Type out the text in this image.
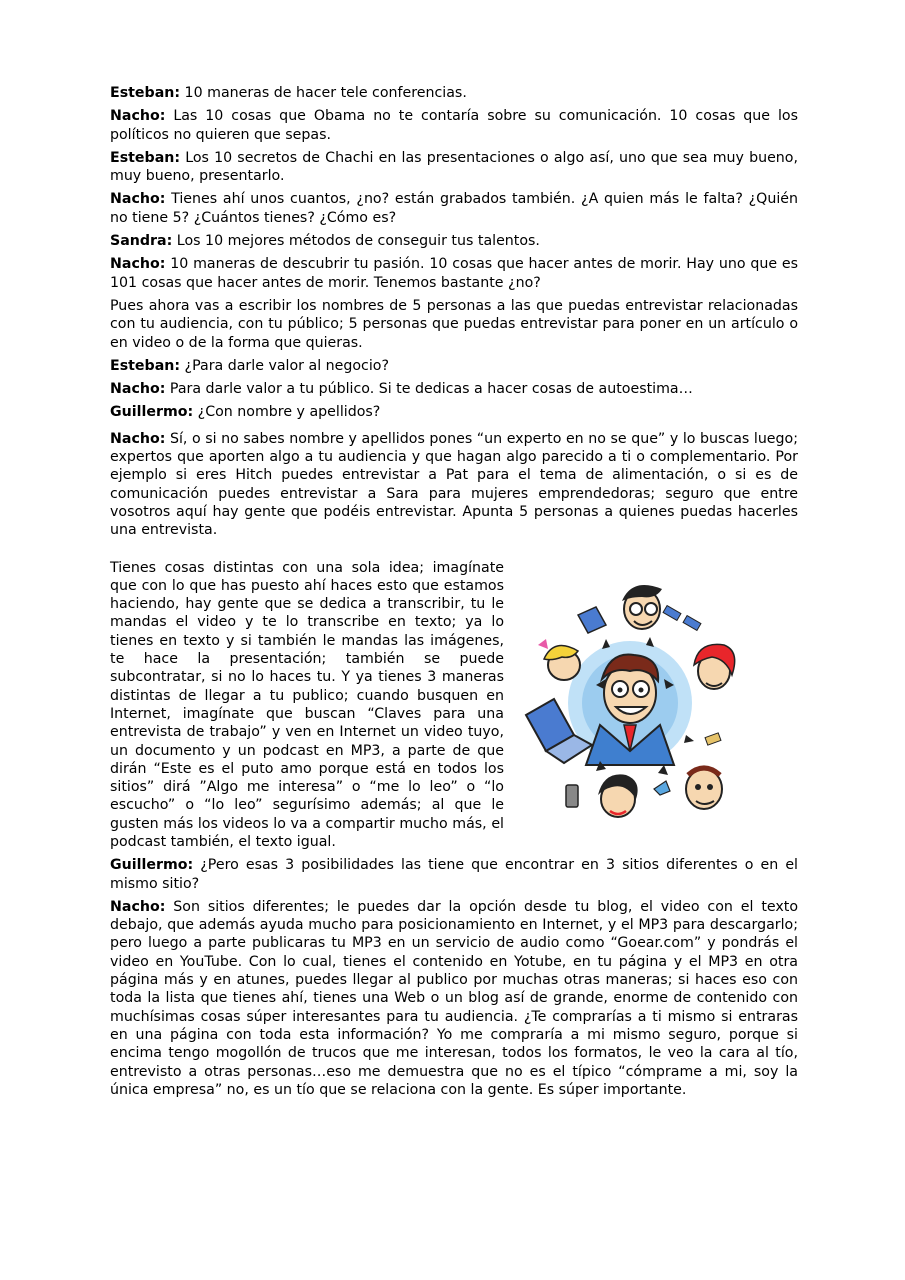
Esteban: 10 maneras de hacer tele conferencias.

Nacho: Las 10 cosas que Obama no te contaría sobre su comunicación. 10 cosas que los políticos no quieren que sepas.

Esteban: Los 10 secretos de Chachi en las presentaciones o algo así, uno que sea muy bueno, muy bueno, presentarlo.

Nacho: Tienes ahí unos cuantos, ¿no? están grabados también. ¿A quien más le falta? ¿Quién no tiene 5? ¿Cuántos tienes? ¿Cómo es?

Sandra: Los 10 mejores métodos de conseguir tus talentos.

Nacho: 10 maneras de descubrir tu pasión. 10 cosas que hacer antes de morir. Hay uno que es 101 cosas que hacer antes de morir. Tenemos bastante ¿no?

Pues ahora vas a escribir los nombres de 5 personas a las que puedas entrevistar relacionadas con tu audiencia, con tu público; 5 personas que puedas entrevistar para poner en un artículo o en video o de la forma que quieras.

Esteban: ¿Para darle valor al negocio?

Nacho: Para darle valor a tu público. Si te dedicas a hacer cosas de autoestima…

Guillermo: ¿Con nombre y apellidos?

Nacho: Sí, o si no sabes nombre y apellidos pones “un experto en no se que” y lo buscas luego; expertos que aporten algo a tu audiencia y que hagan algo parecido a ti o complementario. Por ejemplo si eres Hitch puedes entrevistar a Pat para el tema de alimentación, o si es de comunicación puedes entrevistar a Sara para mujeres emprendedoras; seguro que entre vosotros aquí hay gente que podéis entrevistar. Apunta 5 personas a quienes puedas hacerles una entrevista.

Tienes cosas distintas con una sola idea; imagínate que con lo que has puesto ahí haces esto que estamos haciendo, hay gente que se dedica a transcribir, tu le mandas el video y te lo transcribe en texto; ya lo tienes en texto y si también le mandas las imágenes, te hace la presentación; también se puede subcontratar, si no lo haces tu. Y ya tienes 3 maneras distintas de llegar a tu publico; cuando busquen en Internet, imagínate que buscan “Claves para una entrevista de trabajo” y ven en Internet un video tuyo, un documento y un podcast en MP3, a parte de que dirán “Este es el puto amo porque está en todos los sitios” dirá ”Algo me interesa” o “me lo leo” o “lo escucho” o “lo leo” segurísimo además; al que le gusten más los videos lo va a compartir mucho más, el podcast también, el texto igual.

Guillermo: ¿Pero esas 3 posibilidades las tiene que encontrar en 3 sitios diferentes o en el mismo sitio?

Nacho: Son sitios diferentes; le puedes dar la opción desde tu blog, el video con el texto debajo, que además ayuda mucho para posicionamiento en Internet, y el MP3 para descargarlo; pero luego a parte publicaras tu MP3 en un servicio de audio como “Goear.com” y pondrás el video en YouTube. Con lo cual, tienes el contenido en Yotube, en tu página y el MP3 en otra página más y en atunes, puedes llegar al publico por muchas otras maneras; si haces eso con toda la lista que tienes ahí, tienes una Web o un blog así de grande, enorme de contenido con muchísimas cosas súper interesantes para tu audiencia. ¿Te comprarías a ti mismo si entraras en una página con toda esta información? Yo me compraría a mi mismo seguro, porque si encima tengo mogollón de trucos que me interesan, todos los formatos, le veo la cara al tío, entrevisto a otras personas…eso me demuestra que no es el típico “cómprame a mi, soy la única empresa” no, es un tío que se relaciona con la gente. Es súper importante.
